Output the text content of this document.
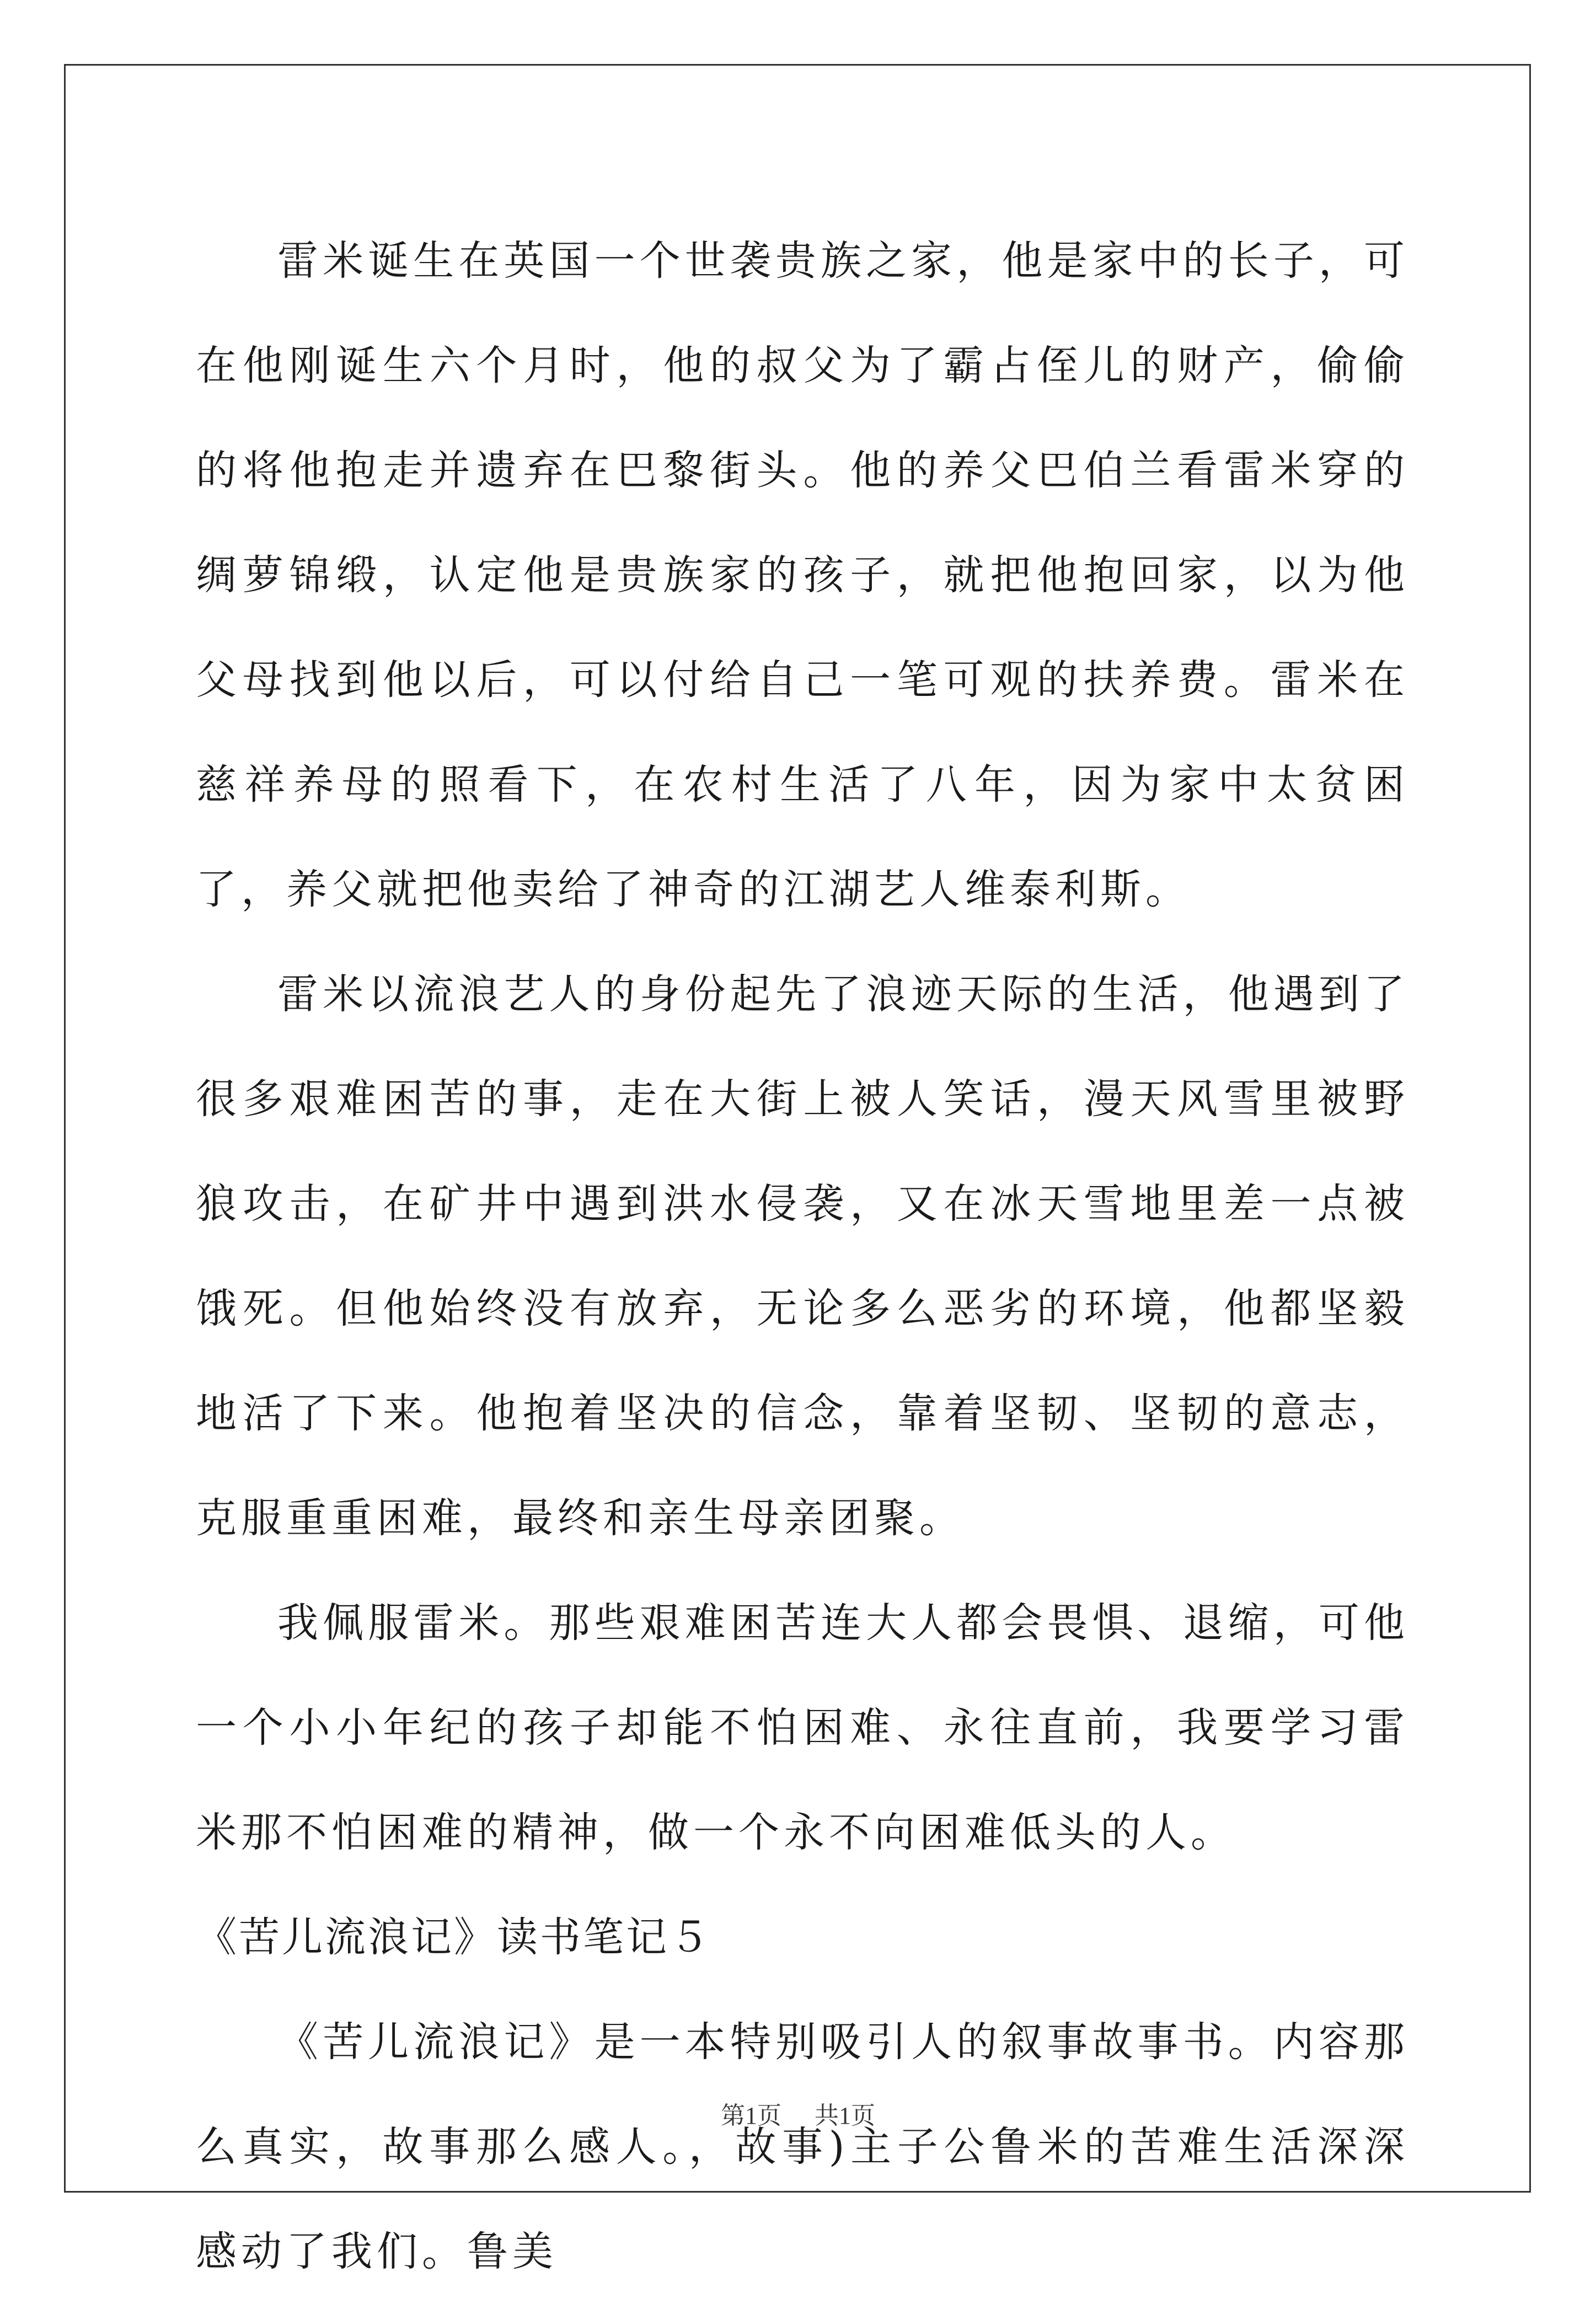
雷米诞生在英国一个世袭贵族之家，他是家中的长子，可在他刚诞生六个月时，他的叔父为了霸占侄儿的财产，偷偷的将他抱走并遗弃在巴黎街头。他的养父巴伯兰看雷米穿的绸萝锦缎，认定他是贵族家的孩子，就把他抱回家，以为他父母找到他以后，可以付给自己一笔可观的扶养费。雷米在慈祥养母的照看下，在农村生活了八年，因为家中太贫困了，养父就把他卖给了神奇的江湖艺人维泰利斯。

雷米以流浪艺人的身份起先了浪迹天际的生活，他遇到了很多艰难困苦的事，走在大街上被人笑话，漫天风雪里被野狼攻击，在矿井中遇到洪水侵袭，又在冰天雪地里差一点被饿死。但他始终没有放弃，无论多么恶劣的环境，他都坚毅地活了下来。他抱着坚决的信念，靠着坚韧、坚韧的意志，克服重重困难，最终和亲生母亲团聚。

我佩服雷米。那些艰难困苦连大人都会畏惧、退缩，可他一个小小年纪的孩子却能不怕困难、永往直前，我要学习雷米那不怕困难的精神，做一个永不向困难低头的人。

《苦儿流浪记》读书笔记５

《苦儿流浪记》是一本特别吸引人的叙事故事书。内容那么真实，故事那么感人。，故事)主子公鲁米的苦难生活深深感动了我们。鲁美

第1页 共1页
